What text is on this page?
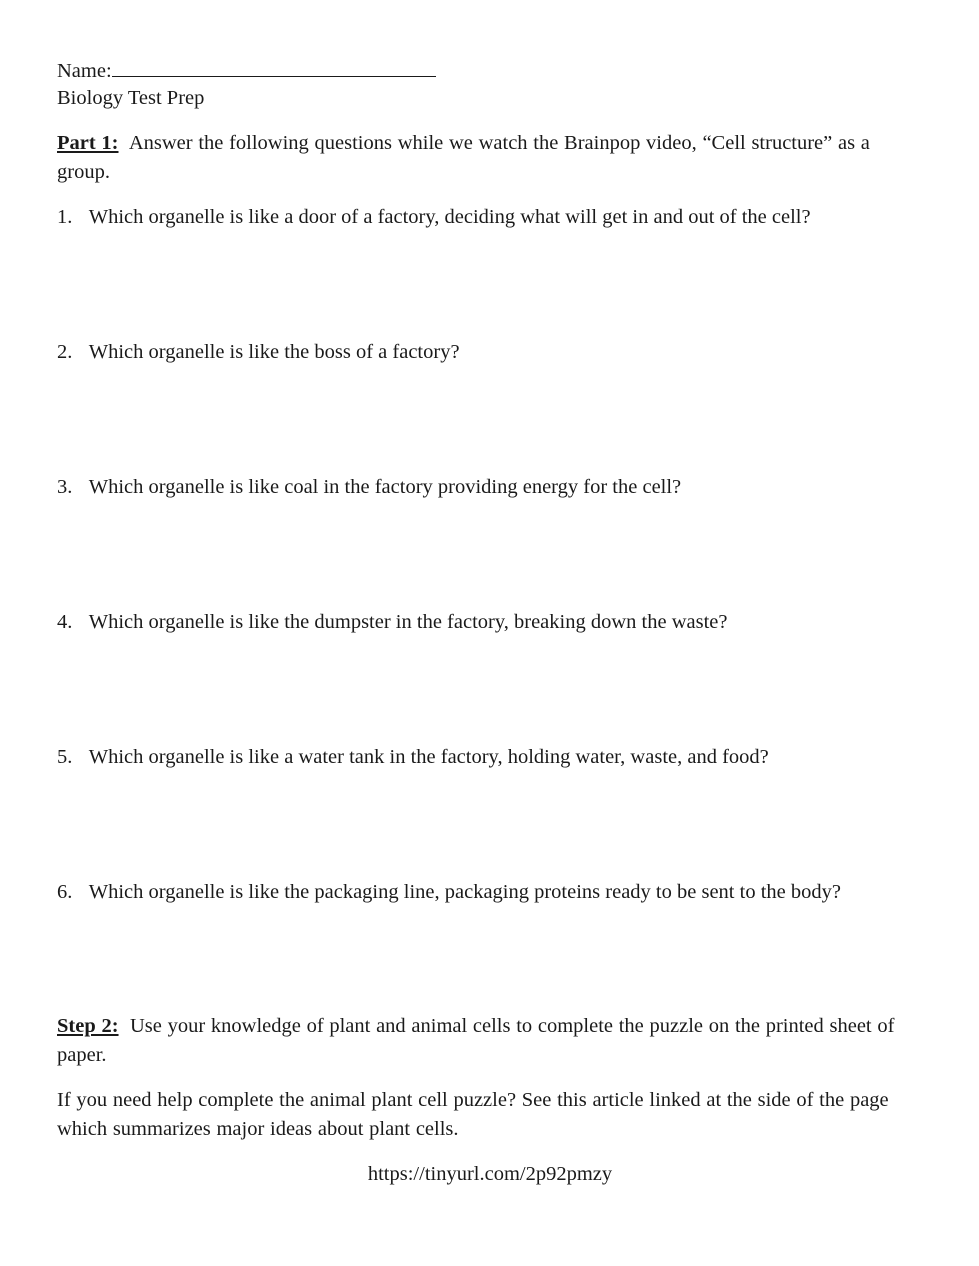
Name:

Biology Test Prep

Part 1: Answer the following questions while we watch the Brainpop video, “Cell structure” as a group.

1. Which organelle is like a door of a factory, deciding what will get in and out of the cell?

2. Which organelle is like the boss of a factory?

3. Which organelle is like coal in the factory providing energy for the cell?

4. Which organelle is like the dumpster in the factory, breaking down the waste?

5. Which organelle is like a water tank in the factory, holding water, waste, and food?

6. Which organelle is like the packaging line, packaging proteins ready to be sent to the body?

Step 2: Use your knowledge of plant and animal cells to complete the puzzle on the printed sheet of paper.

If you need help complete the animal plant cell puzzle? See this article linked at the side of the page which summarizes major ideas about plant cells.

https://tinyurl.com/2p92pmzy
